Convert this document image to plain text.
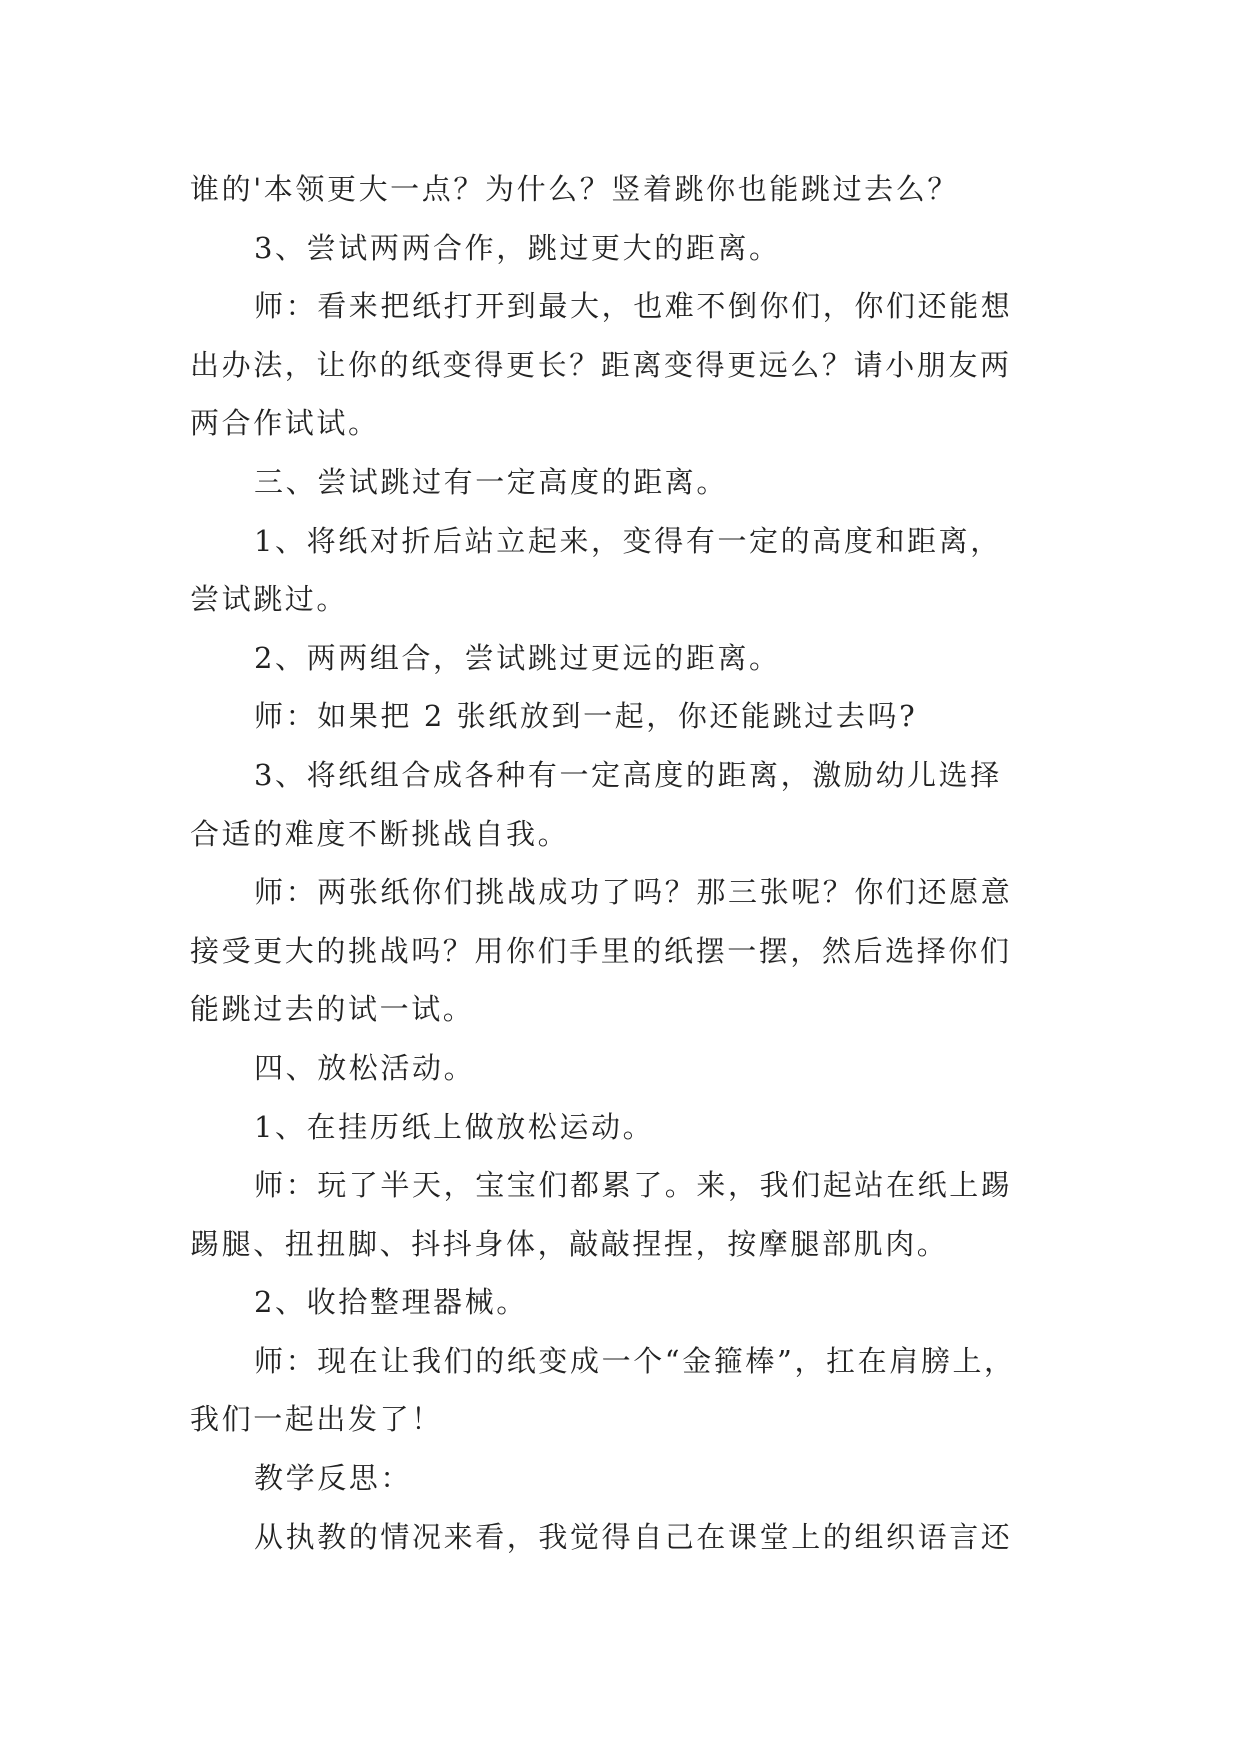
谁的'本领更大一点？为什么？竖着跳你也能跳过去么？

3、尝试两两合作，跳过更大的距离。

师：看来把纸打开到最大，也难不倒你们，你们还能想

出办法，让你的纸变得更长？距离变得更远么？请小朋友两

两合作试试。

三、尝试跳过有一定高度的距离。

1、将纸对折后站立起来，变得有一定的高度和距离，

尝试跳过。

2、两两组合，尝试跳过更远的距离。

师：如果把 2 张纸放到一起，你还能跳过去吗?

3、将纸组合成各种有一定高度的距离，激励幼儿选择

合适的难度不断挑战自我。

师：两张纸你们挑战成功了吗？那三张呢？你们还愿意

接受更大的挑战吗？用你们手里的纸摆一摆，然后选择你们

能跳过去的试一试。

四、放松活动。

1、在挂历纸上做放松运动。

师：玩了半天，宝宝们都累了。来，我们起站在纸上踢

踢腿、扭扭脚、抖抖身体，敲敲捏捏，按摩腿部肌肉。

2、收拾整理器械。

师：现在让我们的纸变成一个“金箍棒”，扛在肩膀上，

我们一起出发了！

教学反思：

从执教的情况来看，我觉得自己在课堂上的组织语言还
